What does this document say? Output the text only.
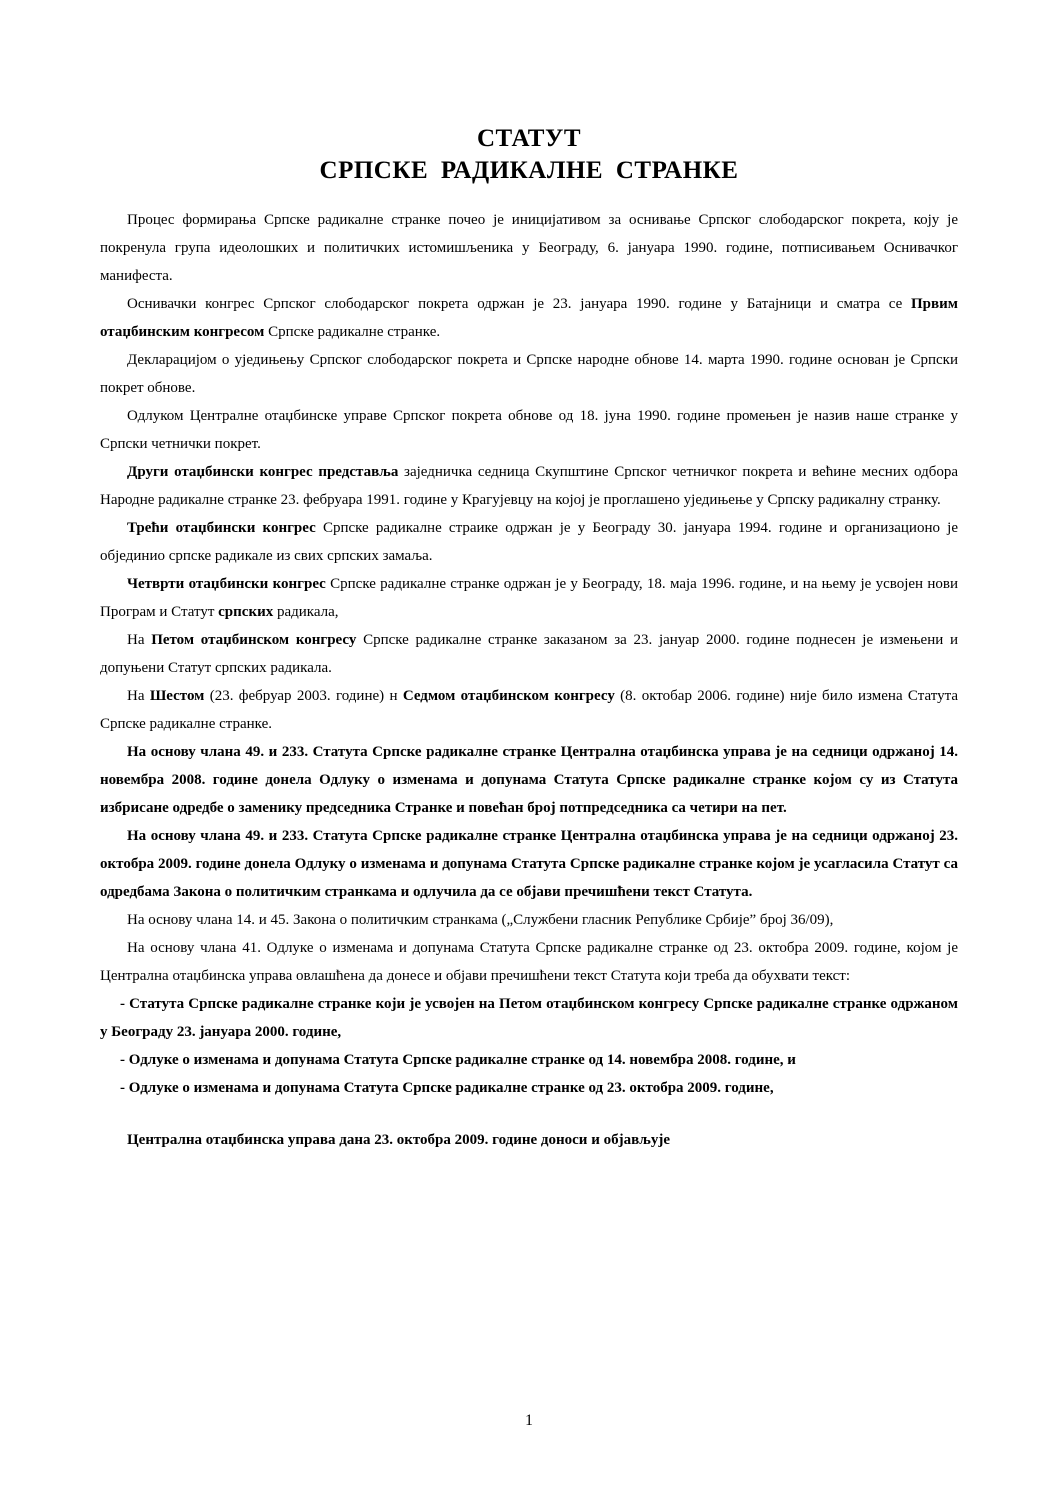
СТАТУТ
СРПСКЕ РАДИКАЛНЕ СТРАНКЕ

Процес формирања Српске радикалне странке почео је иницијативом за оснивање Српског слободарског покрета, коју је покренула група идеолошких и политичких истомишљеника у Београду, 6. јануара 1990. године, потписивањем Оснивачког манифеста.

Оснивачки конгрес Српског слободарског покрета одржан је 23. јануара 1990. године у Батајници и сматра се Првим отаџбинским конгресом Српске радикалне странке.

Декларацијом о уједињењу Српског слободарског покрета и Српске народне обнове 14. марта 1990. године основан је Српски покрет обнове.

Одлуком Централне отаџбинске управе Српског покрета обнове од 18. јуна 1990. године промењен је назив наше странке у Српски четнички покрет.

Други отаџбински конгрес представља заједничка седница Скупштине Српског четничког покрета и већине месних одбора Народне радикалне странке 23. фебруара 1991. године у Крагујевцу на којој је проглашено уједињење у Српску радикалну странку.

Трећи отаџбински конгрес Српске радикалне страике одржан је у Београду 30. јануара 1994. године и организационо је објединио српске радикале из свих српских замаља.

Четврти отаџбински конгрес Српске радикалне странке одржан је у Београду, 18. маја 1996. године, и на њему је усвојен нови Програм и Статут српских радикала,

На Петом отаџбинском конгресу Српске радикалне странке заказаном за 23. јануар 2000. године поднесен је измењени и допуњени Статут српских радикала.

На Шестом (23. фебруар 2003. године) н Седмом отаџбинском конгресу (8. октобар 2006. године) није било измена Статута Српске радикалне странке.

На основу члана 49. и 233. Статута Српске радикалне странке Централна отаџбинска управа је на седници одржаној 14. новембра 2008. године донела Одлуку о изменама и допунама Статута Српске радикалне странке којом су из Статута избрисане одредбе о заменику председника Странке и повећан број потпредседника са четири на пет.

На основу члана 49. и 233. Статута Српске радикалне странке Централна отаџбинска управа је на седници одржаној 23. октобра 2009. године донела Одлуку о изменама и допунама Статута Српске радикалне странке којом је усагласила Статут са одредбама Закона о политичким странкама и одлучила да се објави пречишћени текст Статута.

На основу члана 14. и 45. Закона о политичким странкама („Службени гласник Републике Србије” број 36/09),

На основу члана 41. Одлуке о изменама и допунама Статута Српске радикалне странке од 23. октобра 2009. године, којом је Централна отаџбинска управа овлашћена да донесе и објави пречишћени текст Статута који треба да обухвати текст:

- Статута Српске радикалне странке који је усвојен на Петом отаџбинском конгресу Српске радикалне странке одржаном у Београду 23. јануара 2000. године,

- Одлуке о изменама и допунама Статута Српске радикалне странке од 14. новембра 2008. године, и

- Одлуке о изменама и допунама Статута Српске радикалне странке од 23. октобра 2009. године,

Централна отаџбинска управа дана 23. октобра 2009. године доноси и објављује

1
